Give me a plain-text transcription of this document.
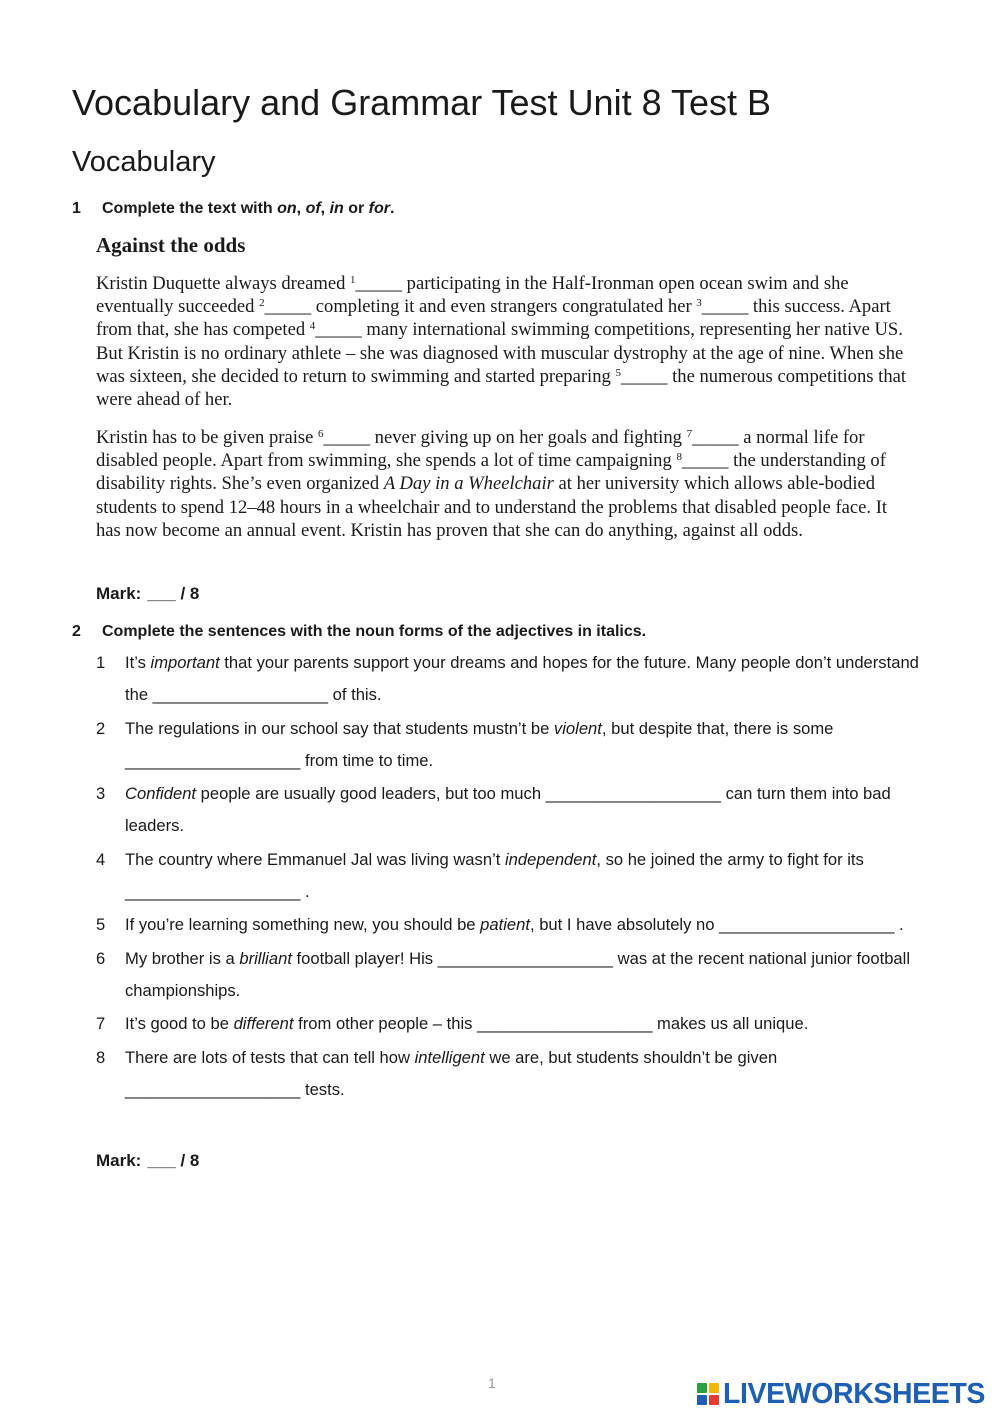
Vocabulary and Grammar Test Unit 8 Test B
Vocabulary
1 Complete the text with on, of, in or for.
Against the odds

Kristin Duquette always dreamed $^1$_____ participating in the Half-Ironman open ocean swim and she eventually succeeded $^2$_____ completing it and even strangers congratulated her $^3$_____ this success. Apart from that, she has competed $^4$_____ many international swimming competitions, representing her native US. But Kristin is no ordinary athlete – she was diagnosed with muscular dystrophy at the age of nine. When she was sixteen, she decided to return to swimming and started preparing $^5$_____ the numerous competitions that were ahead of her.

Kristin has to be given praise $^6$_____ never giving up on her goals and fighting $^7$_____ a normal life for disabled people. Apart from swimming, she spends a lot of time campaigning $^8$_____ the understanding of disability rights. She’s even organized A Day in a Wheelchair at her university which allows able-bodied students to spend 12–48 hours in a wheelchair and to understand the problems that disabled people face. It has now become an annual event. Kristin has proven that she can do anything, against all odds.

Mark: ___ / 8
2 Complete the sentences with the noun forms of the adjectives in italics.
1	It’s important that your parents support your dreams and hopes for the future. Many people don’t understand the ___________________ of this.
2	The regulations in our school say that students mustn’t be violent, but despite that, there is some ___________________ from time to time.
3	Confident people are usually good leaders, but too much ___________________ can turn them into bad leaders.
4	The country where Emmanuel Jal was living wasn’t independent, so he joined the army to fight for its ___________________ .
5	If you’re learning something new, you should be patient, but I have absolutely no ___________________ .
6	My brother is a brilliant football player! His ___________________ was at the recent national junior football championships.
7	It’s good to be different from other people – this ___________________ makes us all unique.
8	There are lots of tests that can tell how intelligent we are, but students shouldn’t be given ___________________ tests.
Mark: ___ / 8
1	LIVEWORKSHEETS
